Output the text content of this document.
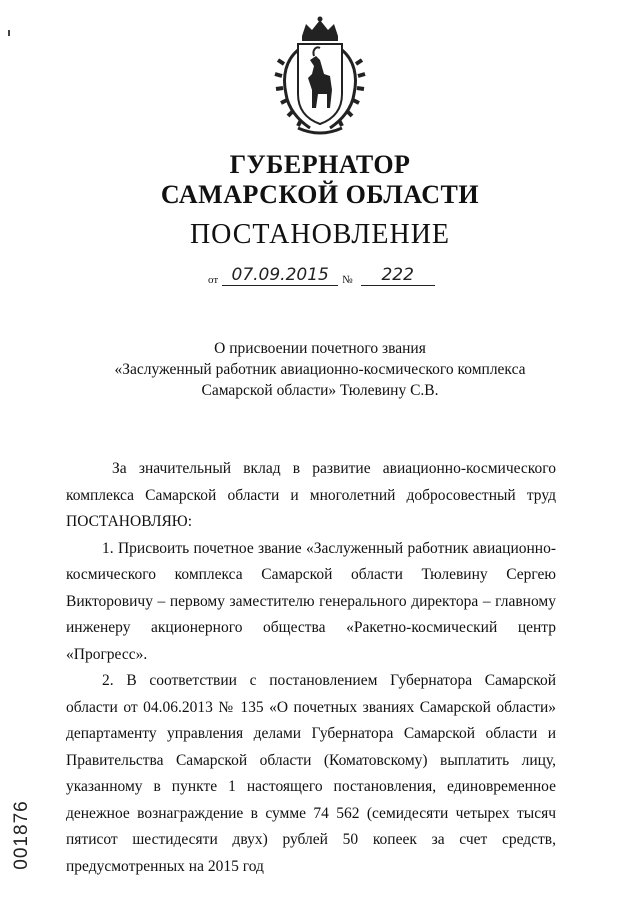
ГУБЕРНАТОР
САМАРСКОЙ ОБЛАСТИ
ПОСТАНОВЛЕНИЕ
от 07.09.2015	№	222
О присвоении почетного звания
«Заслуженный работник авиационно-космического комплекса
Самарской области» Тюлевину С.В.

За значительный вклад в развитие авиационно-космического комплекса Самарской области и многолетний добросовестный труд ПОСТАНОВЛЯЮ:

1. Присвоить почетное звание «Заслуженный работник авиационно-космического комплекса Самарской области Тюлевину Сергею Викторовичу – первому заместителю генерального директора – главному инженеру акционерного общества «Ракетно-космический центр «Прогресс».

2. В соответствии с постановлением Губернатора Самарской области от 04.06.2013 № 135 «О почетных званиях Самарской области» департаменту управления делами Губернатора Самарской области и Правительства Самарской области (Коматовскому) выплатить лицу, указанному в пункте 1 настоящего постановления, единовременное денежное вознаграждение в сумме 74 562 (семидесяти четырех тысяч пятисот шестидесяти двух) рублей 50 копеек за счет средств, предусмотренных на 2015 год

001876
